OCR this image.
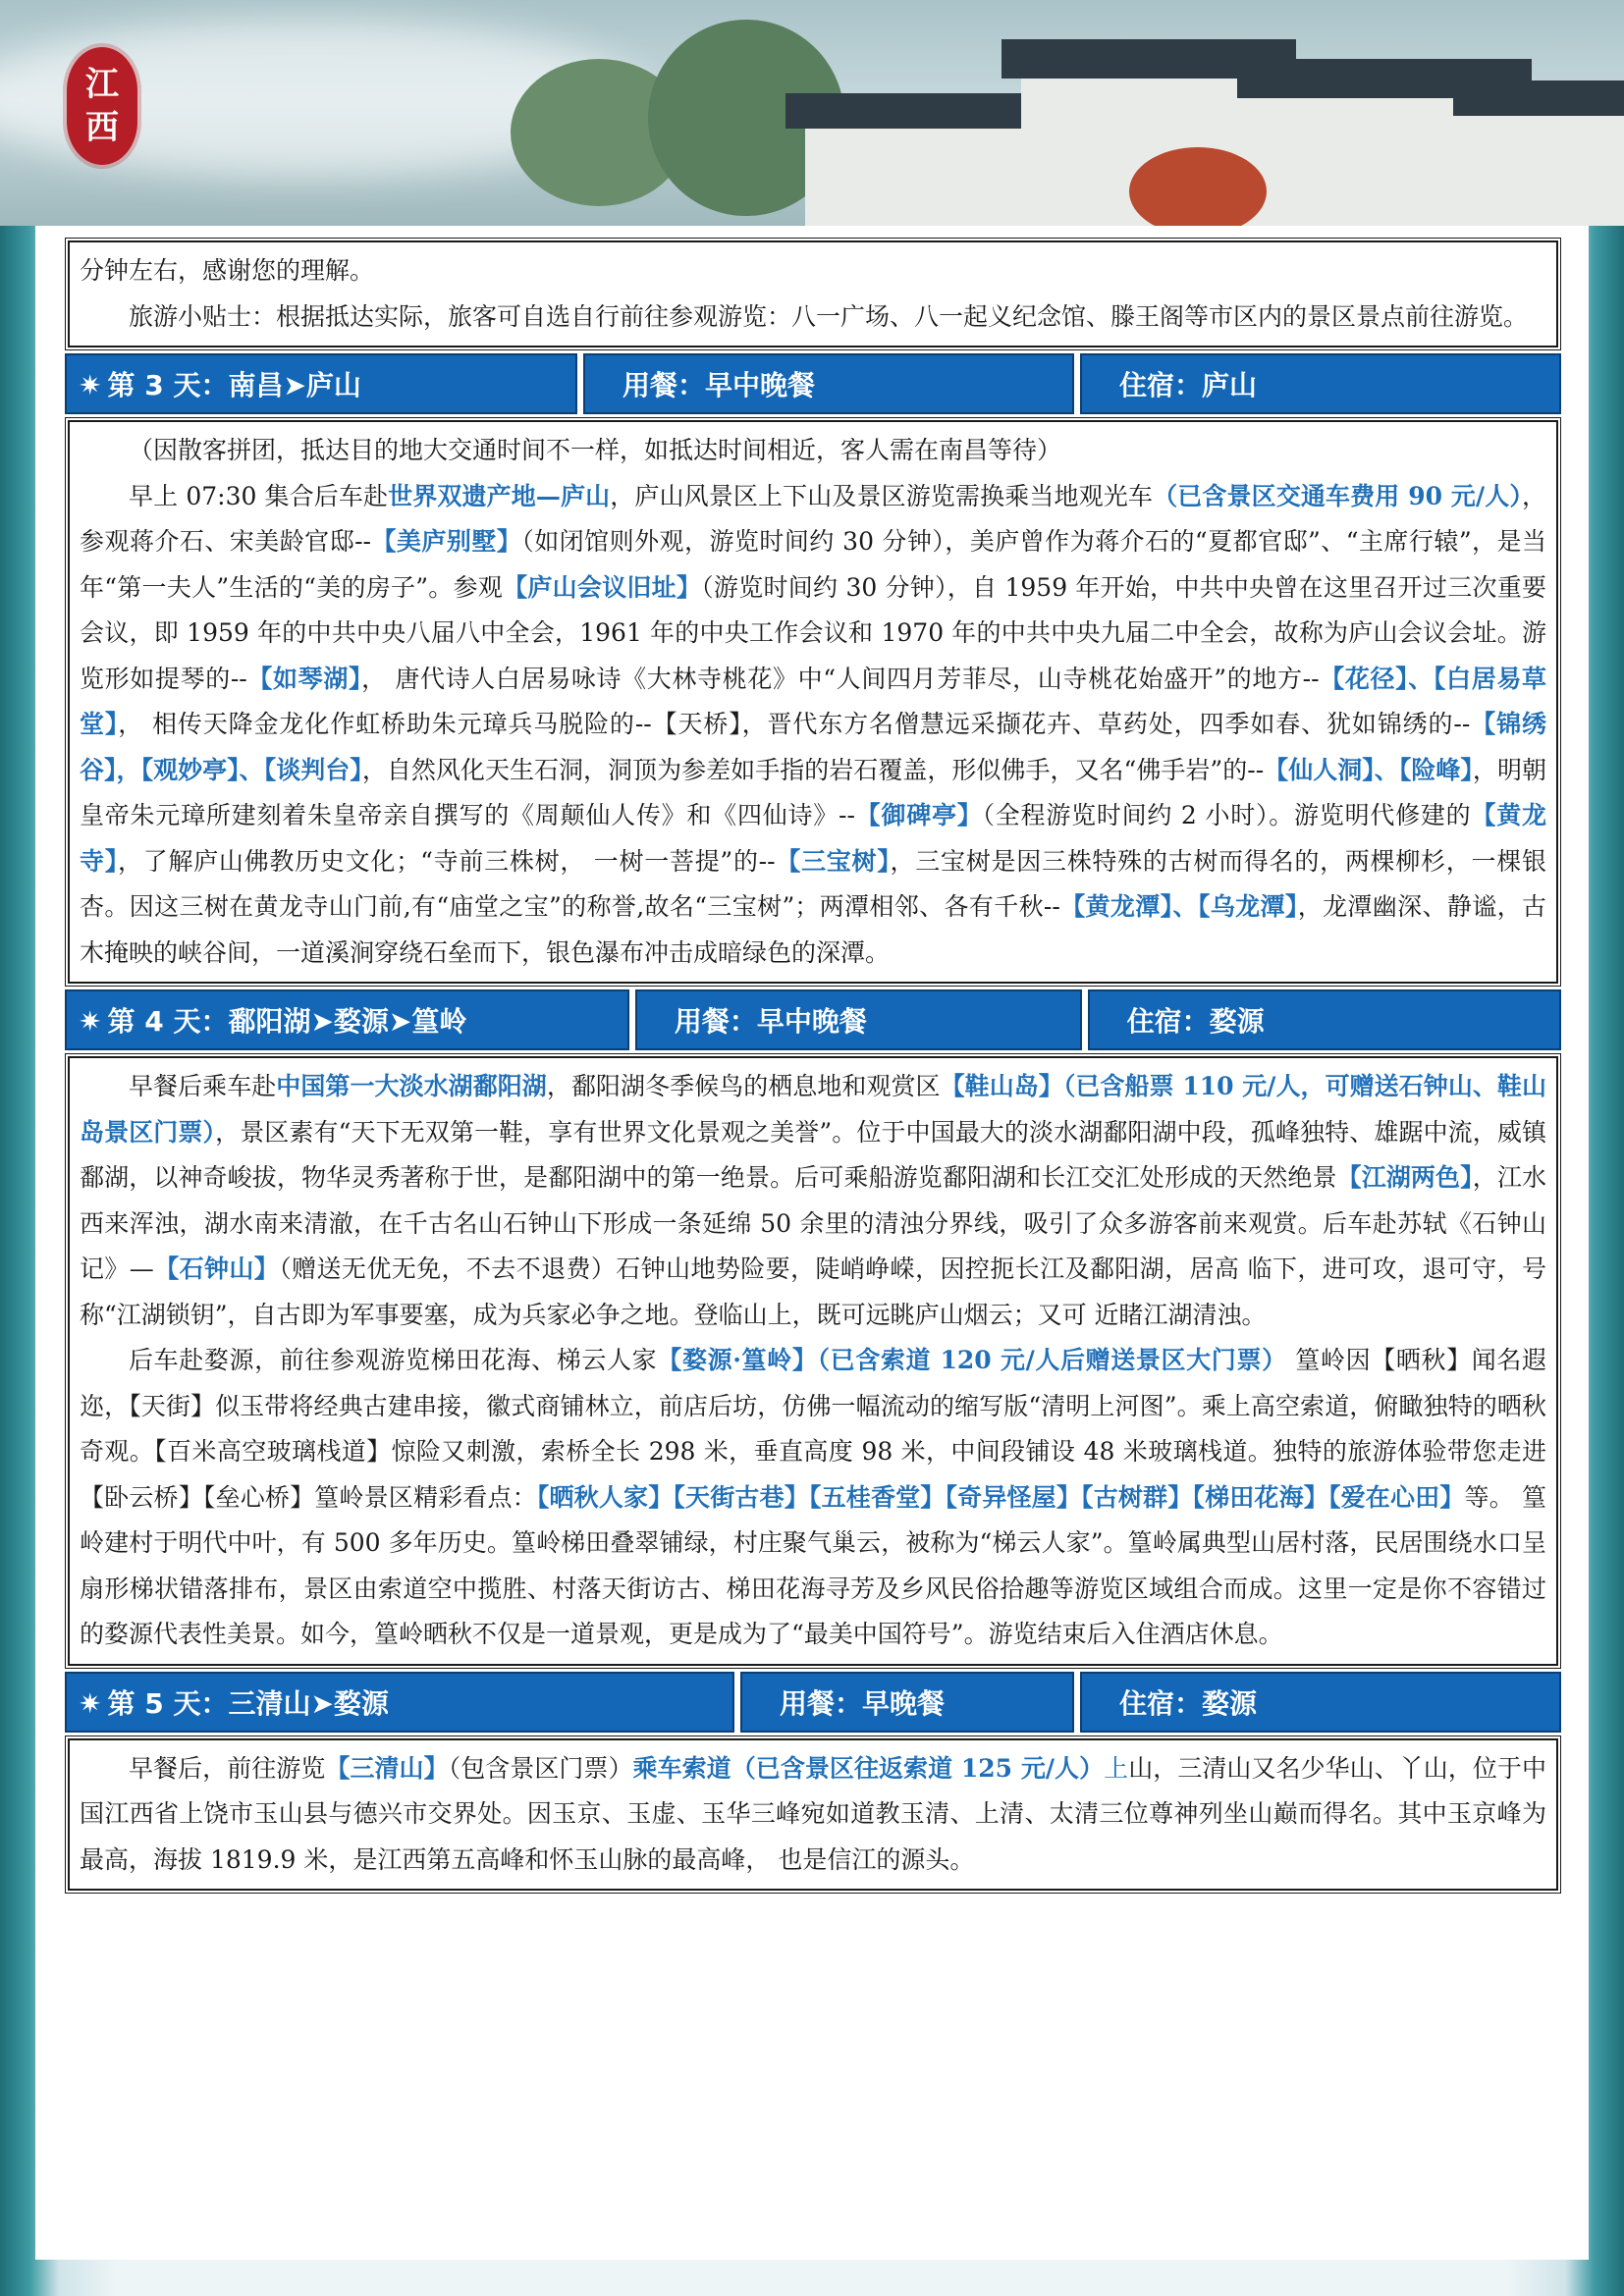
江
西

分钟左右，感谢您的理解。

旅游小贴士：根据抵达实际，旅客可自选自行前往参观游览：八一广场、八一起义纪念馆、滕王阁等市区内的景区景点前往游览。

✷ 第 3 天：南昌➤庐山	用餐：早中晚餐	住宿：庐山

（因散客拼团，抵达目的地大交通时间不一样，如抵达时间相近，客人需在南昌等待）

早上 07:30 集合后车赴世界双遗产地—庐山，庐山风景区上下山及景区游览需换乘当地观光车（已含景区交通车费用 90 元/人），参观蒋介石、宋美龄官邸--【美庐别墅】（如闭馆则外观，游览时间约 30 分钟），美庐曾作为蒋介石的“夏都官邸”、“主席行辕”，是当年“第一夫人”生活的“美的房子”。参观【庐山会议旧址】（游览时间约 30 分钟），自 1959 年开始，中共中央曾在这里召开过三次重要会议，即 1959 年的中共中央八届八中全会，1961 年的中央工作会议和 1970 年的中共中央九届二中全会，故称为庐山会议会址。游览形如提琴的--【如琴湖】， 唐代诗人白居易咏诗《大林寺桃花》中“人间四月芳菲尽，山寺桃花始盛开”的地方--【花径】、【白居易草堂】， 相传天降金龙化作虹桥助朱元璋兵马脱险的--【天桥】，晋代东方名僧慧远采撷花卉、草药处，四季如春、犹如锦绣的--【锦绣谷】，【观妙亭】、【谈判台】，自然风化天生石洞，洞顶为参差如手指的岩石覆盖，形似佛手，又名“佛手岩”的--【仙人洞】、【险峰】，明朝皇帝朱元璋所建刻着朱皇帝亲自撰写的《周颠仙人传》和《四仙诗》--【御碑亭】（全程游览时间约 2 小时）。游览明代修建的【黄龙寺】，了解庐山佛教历史文化；“寺前三株树， 一树一菩提”的--【三宝树】，三宝树是因三株特殊的古树而得名的，两棵柳杉，一棵银杏。因这三树在黄龙寺山门前,有“庙堂之宝”的称誉,故名“三宝树”；两潭相邻、各有千秋--【黄龙潭】、【乌龙潭】，龙潭幽深、静谧，古木掩映的峡谷间，一道溪涧穿绕石垒而下，银色瀑布冲击成暗绿色的深潭。

✷ 第 4 天：鄱阳湖➤婺源➤篁岭	用餐：早中晚餐	住宿：婺源

早餐后乘车赴中国第一大淡水湖鄱阳湖，鄱阳湖冬季候鸟的栖息地和观赏区【鞋山岛】（已含船票 110 元/人，可赠送石钟山、鞋山岛景区门票），景区素有“天下无双第一鞋，享有世界文化景观之美誉”。位于中国最大的淡水湖鄱阳湖中段，孤峰独特、雄踞中流，威镇鄱湖，以神奇峻拔，物华灵秀著称于世，是鄱阳湖中的第一绝景。后可乘船游览鄱阳湖和长江交汇处形成的天然绝景【江湖两色】，江水西来浑浊，湖水南来清澈，在千古名山石钟山下形成一条延绵 50 余里的清浊分界线，吸引了众多游客前来观赏。后车赴苏轼《石钟山记》—【石钟山】（赠送无优无免，不去不退费）石钟山地势险要，陡峭峥嵘，因控扼长江及鄱阳湖，居高 临下，进可攻，退可守，号称“江湖锁钥”，自古即为军事要塞，成为兵家必争之地。登临山上，既可远眺庐山烟云；又可 近睹江湖清浊。

后车赴婺源，前往参观游览梯田花海、梯云人家【婺源·篁岭】（已含索道 120 元/人后赠送景区大门票） 篁岭因【晒秋】闻名遐迩，【天街】似玉带将经典古建串接，徽式商铺林立，前店后坊，仿佛一幅流动的缩写版“清明上河图”。乘上高空索道，俯瞰独特的晒秋奇观。【百米高空玻璃栈道】惊险又刺激，索桥全长 298 米，垂直高度 98 米，中间段铺设 48 米玻璃栈道。独特的旅游体验带您走进【卧云桥】【垒心桥】篁岭景区精彩看点：【晒秋人家】【天街古巷】【五桂香堂】【奇异怪屋】【古树群】【梯田花海】【爱在心田】等。 篁岭建村于明代中叶，有 500 多年历史。篁岭梯田叠翠铺绿，村庄聚气巢云，被称为“梯云人家”。篁岭属典型山居村落，民居围绕水口呈扇形梯状错落排布，景区由索道空中揽胜、村落天街访古、梯田花海寻芳及乡风民俗拾趣等游览区域组合而成。这里一定是你不容错过的婺源代表性美景。如今，篁岭晒秋不仅是一道景观，更是成为了“最美中国符号”。游览结束后入住酒店休息。

✷ 第 5 天：三清山➤婺源	用餐：早晚餐	住宿：婺源

早餐后，前往游览【三清山】（包含景区门票）乘车索道（已含景区往返索道 125 元/人）上山，三清山又名少华山、丫山，位于中国江西省上饶市玉山县与德兴市交界处。因玉京、玉虚、玉华三峰宛如道教玉清、上清、太清三位尊神列坐山巅而得名。其中玉京峰为最高，海拔 1819.9 米，是江西第五高峰和怀玉山脉的最高峰， 也是信江的源头。
